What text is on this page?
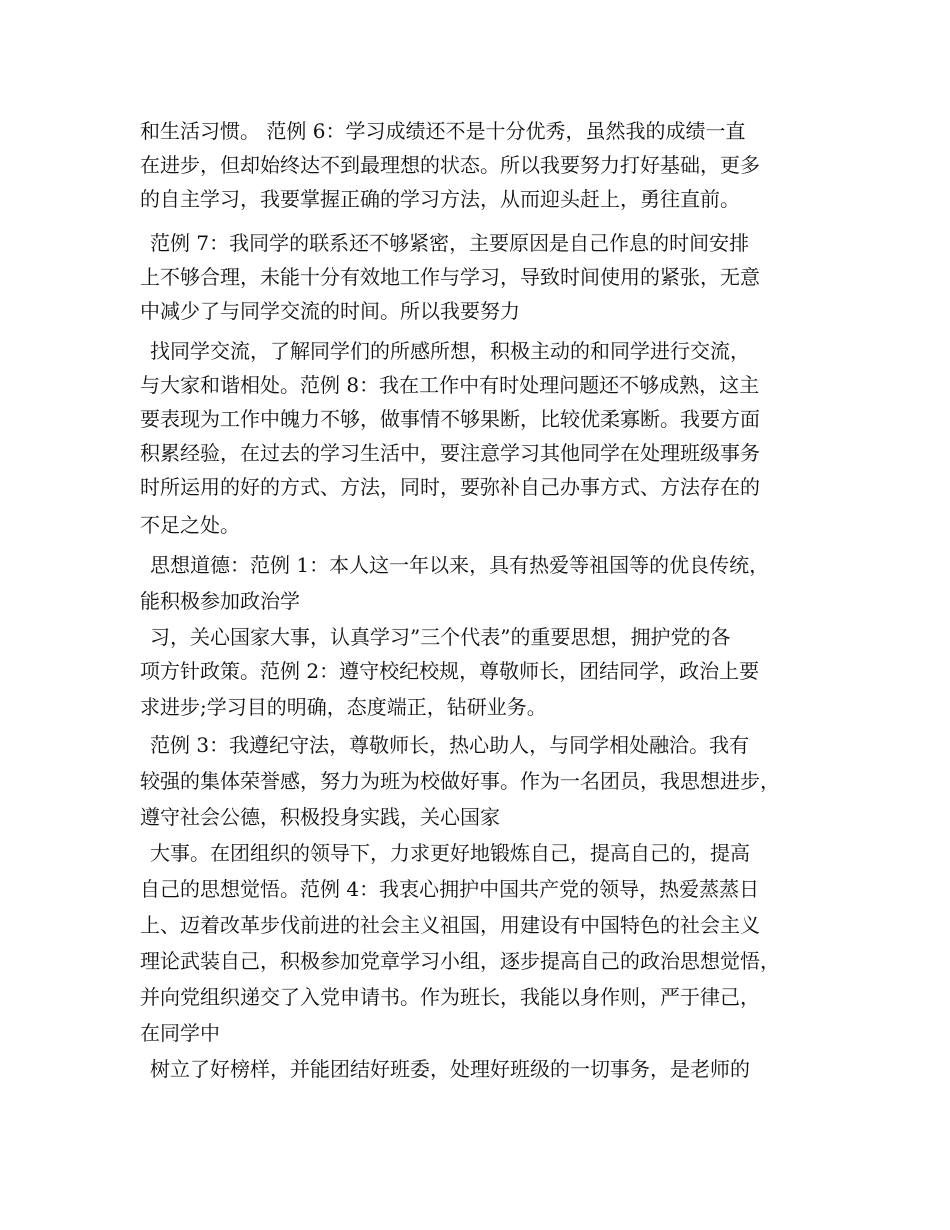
和生活习惯。 范例 6：学习成绩还不是十分优秀，虽然我的成绩一直
在进步，但却始终达不到最理想的状态。所以我要努力打好基础，更多
的自主学习，我要掌握正确的学习方法，从而迎头赶上，勇往直前。
范例 7：我同学的联系还不够紧密，主要原因是自己作息的时间安排
上不够合理，未能十分有效地工作与学习，导致时间使用的紧张，无意
中减少了与同学交流的时间。所以我要努力
找同学交流，了解同学们的所感所想，积极主动的和同学进行交流，
与大家和谐相处。范例 8：我在工作中有时处理问题还不够成熟，这主
要表现为工作中魄力不够，做事情不够果断，比较优柔寡断。我要方面
积累经验，在过去的学习生活中，要注意学习其他同学在处理班级事务
时所运用的好的方式、方法，同时，要弥补自己办事方式、方法存在的
不足之处。
思想道德：范例 1：本人这一年以来，具有热爱等祖国等的优良传统，
能积极参加政治学
习，关心国家大事，认真学习”三个代表”的重要思想，拥护党的各
项方针政策。范例 2：遵守校纪校规，尊敬师长，团结同学，政治上要
求进步;学习目的明确，态度端正，钻研业务。
范例 3：我遵纪守法，尊敬师长，热心助人，与同学相处融洽。我有
较强的集体荣誉感，努力为班为校做好事。作为一名团员，我思想进步，
遵守社会公德，积极投身实践，关心国家
大事。在团组织的领导下，力求更好地锻炼自己，提高自己的，提高
自己的思想觉悟。范例 4：我衷心拥护中国共产党的领导，热爱蒸蒸日
上、迈着改革步伐前进的社会主义祖国，用建设有中国特色的社会主义
理论武装自己，积极参加党章学习小组，逐步提高自己的政治思想觉悟，
并向党组织递交了入党申请书。作为班长，我能以身作则，严于律己，
在同学中
树立了好榜样，并能团结好班委，处理好班级的一切事务，是老师的
